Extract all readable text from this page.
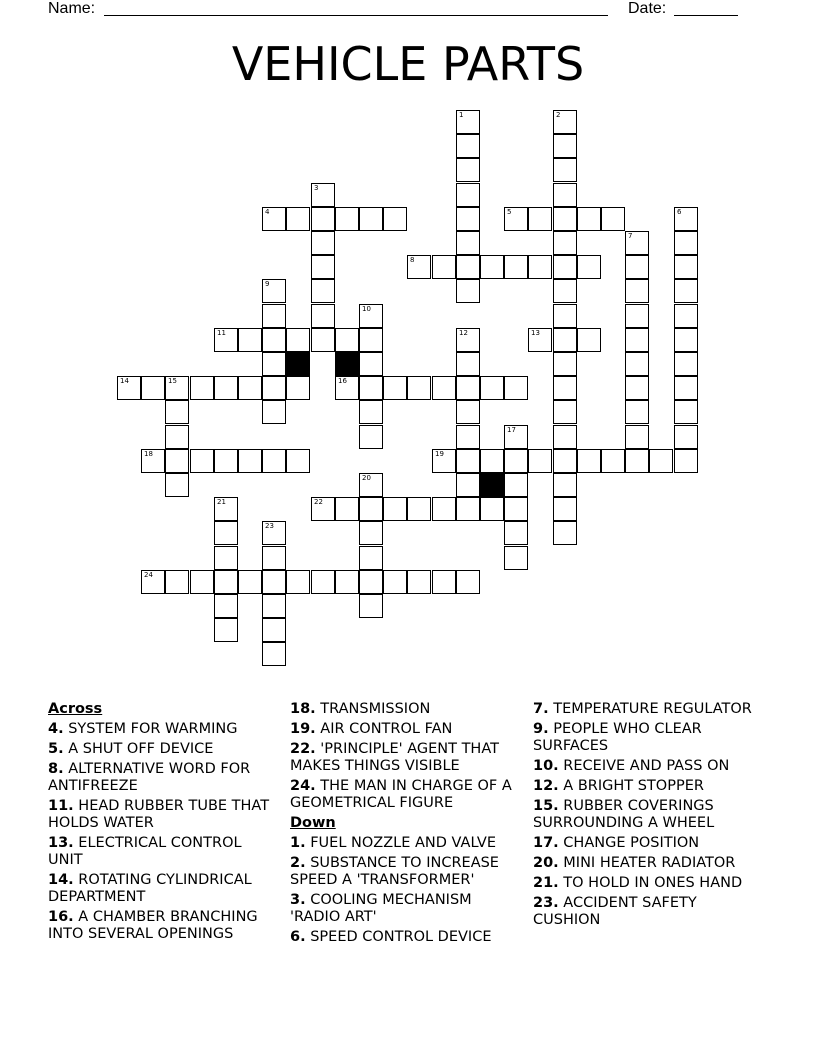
Name:	Date:
VEHICLE PARTS
1	2
3
4	5	6
7
8
9
10
11	12	13
14	15	16
17
18	19
20
21	22
23
24
Across
4. SYSTEM FOR WARMING
5. A SHUT OFF DEVICE
8. ALTERNATIVE WORD FOR ANTIFREEZE
11. HEAD RUBBER TUBE THAT HOLDS WATER
13. ELECTRICAL CONTROL UNIT
14. ROTATING CYLINDRICAL DEPARTMENT
16. A CHAMBER BRANCHING INTO SEVERAL OPENINGS
18. TRANSMISSION
19. AIR CONTROL FAN
22. 'PRINCIPLE' AGENT THAT MAKES THINGS VISIBLE
24. THE MAN IN CHARGE OF A GEOMETRICAL FIGURE
Down
1. FUEL NOZZLE AND VALVE
2. SUBSTANCE TO INCREASE SPEED A 'TRANSFORMER'
3. COOLING MECHANISM 'RADIO ART'
6. SPEED CONTROL DEVICE
7. TEMPERATURE REGULATOR
9. PEOPLE WHO CLEAR SURFACES
10. RECEIVE AND PASS ON
12. A BRIGHT STOPPER
15. RUBBER COVERINGS SURROUNDING A WHEEL
17. CHANGE POSITION
20. MINI HEATER RADIATOR
21. TO HOLD IN ONES HAND
23. ACCIDENT SAFETY CUSHION
